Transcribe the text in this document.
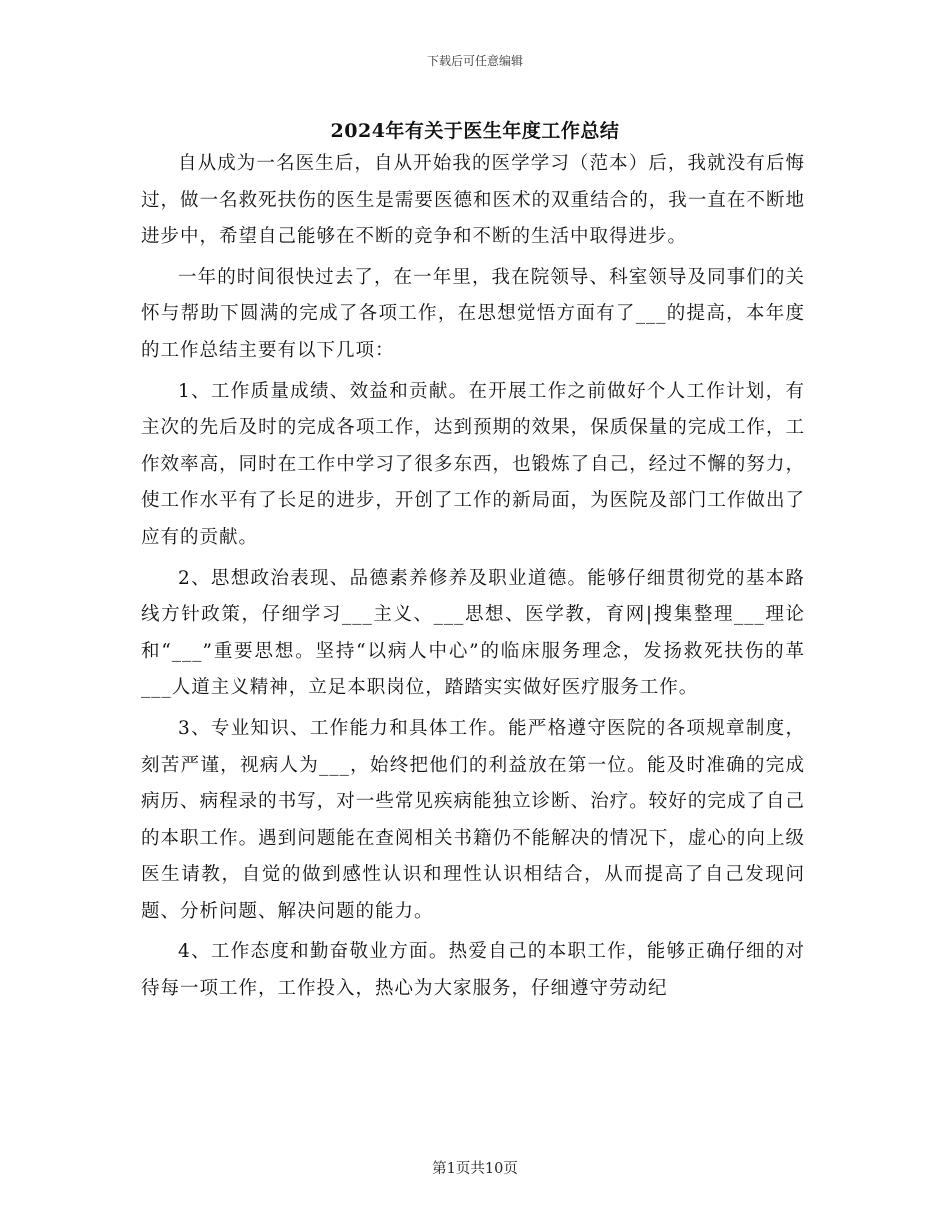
下载后可任意编辑
2024年有关于医生年度工作总结

自从成为一名医生后，自从开始我的医学学习（范本）后，我就没有后悔过，做一名救死扶伤的医生是需要医德和医术的双重结合的，我一直在不断地进步中，希望自己能够在不断的竞争和不断的生活中取得进步。

一年的时间很快过去了，在一年里，我在院领导、科室领导及同事们的关怀与帮助下圆满的完成了各项工作，在思想觉悟方面有了___的提高，本年度的工作总结主要有以下几项：

1、工作质量成绩、效益和贡献。在开展工作之前做好个人工作计划，有主次的先后及时的完成各项工作，达到预期的效果，保质保量的完成工作，工作效率高，同时在工作中学习了很多东西，也锻炼了自己，经过不懈的努力，使工作水平有了长足的进步，开创了工作的新局面，为医院及部门工作做出了应有的贡献。

2、思想政治表现、品德素养修养及职业道德。能够仔细贯彻党的基本路线方针政策，仔细学习___主义、___思想、医学教，育网|搜集整理___理论和“___”重要思想。坚持“以病人中心”的临床服务理念，发扬救死扶伤的革___人道主义精神，立足本职岗位，踏踏实实做好医疗服务工作。

3、专业知识、工作能力和具体工作。能严格遵守医院的各项规章制度，刻苦严谨，视病人为___，始终把他们的利益放在第一位。能及时准确的完成病历、病程录的书写，对一些常见疾病能独立诊断、治疗。较好的完成了自己的本职工作。遇到问题能在查阅相关书籍仍不能解决的情况下，虚心的向上级医生请教，自觉的做到感性认识和理性认识相结合，从而提高了自己发现问题、分析问题、解决问题的能力。

4、工作态度和勤奋敬业方面。热爱自己的本职工作，能够正确仔细的对待每一项工作，工作投入，热心为大家服务，仔细遵守劳动纪

第1页共10页
